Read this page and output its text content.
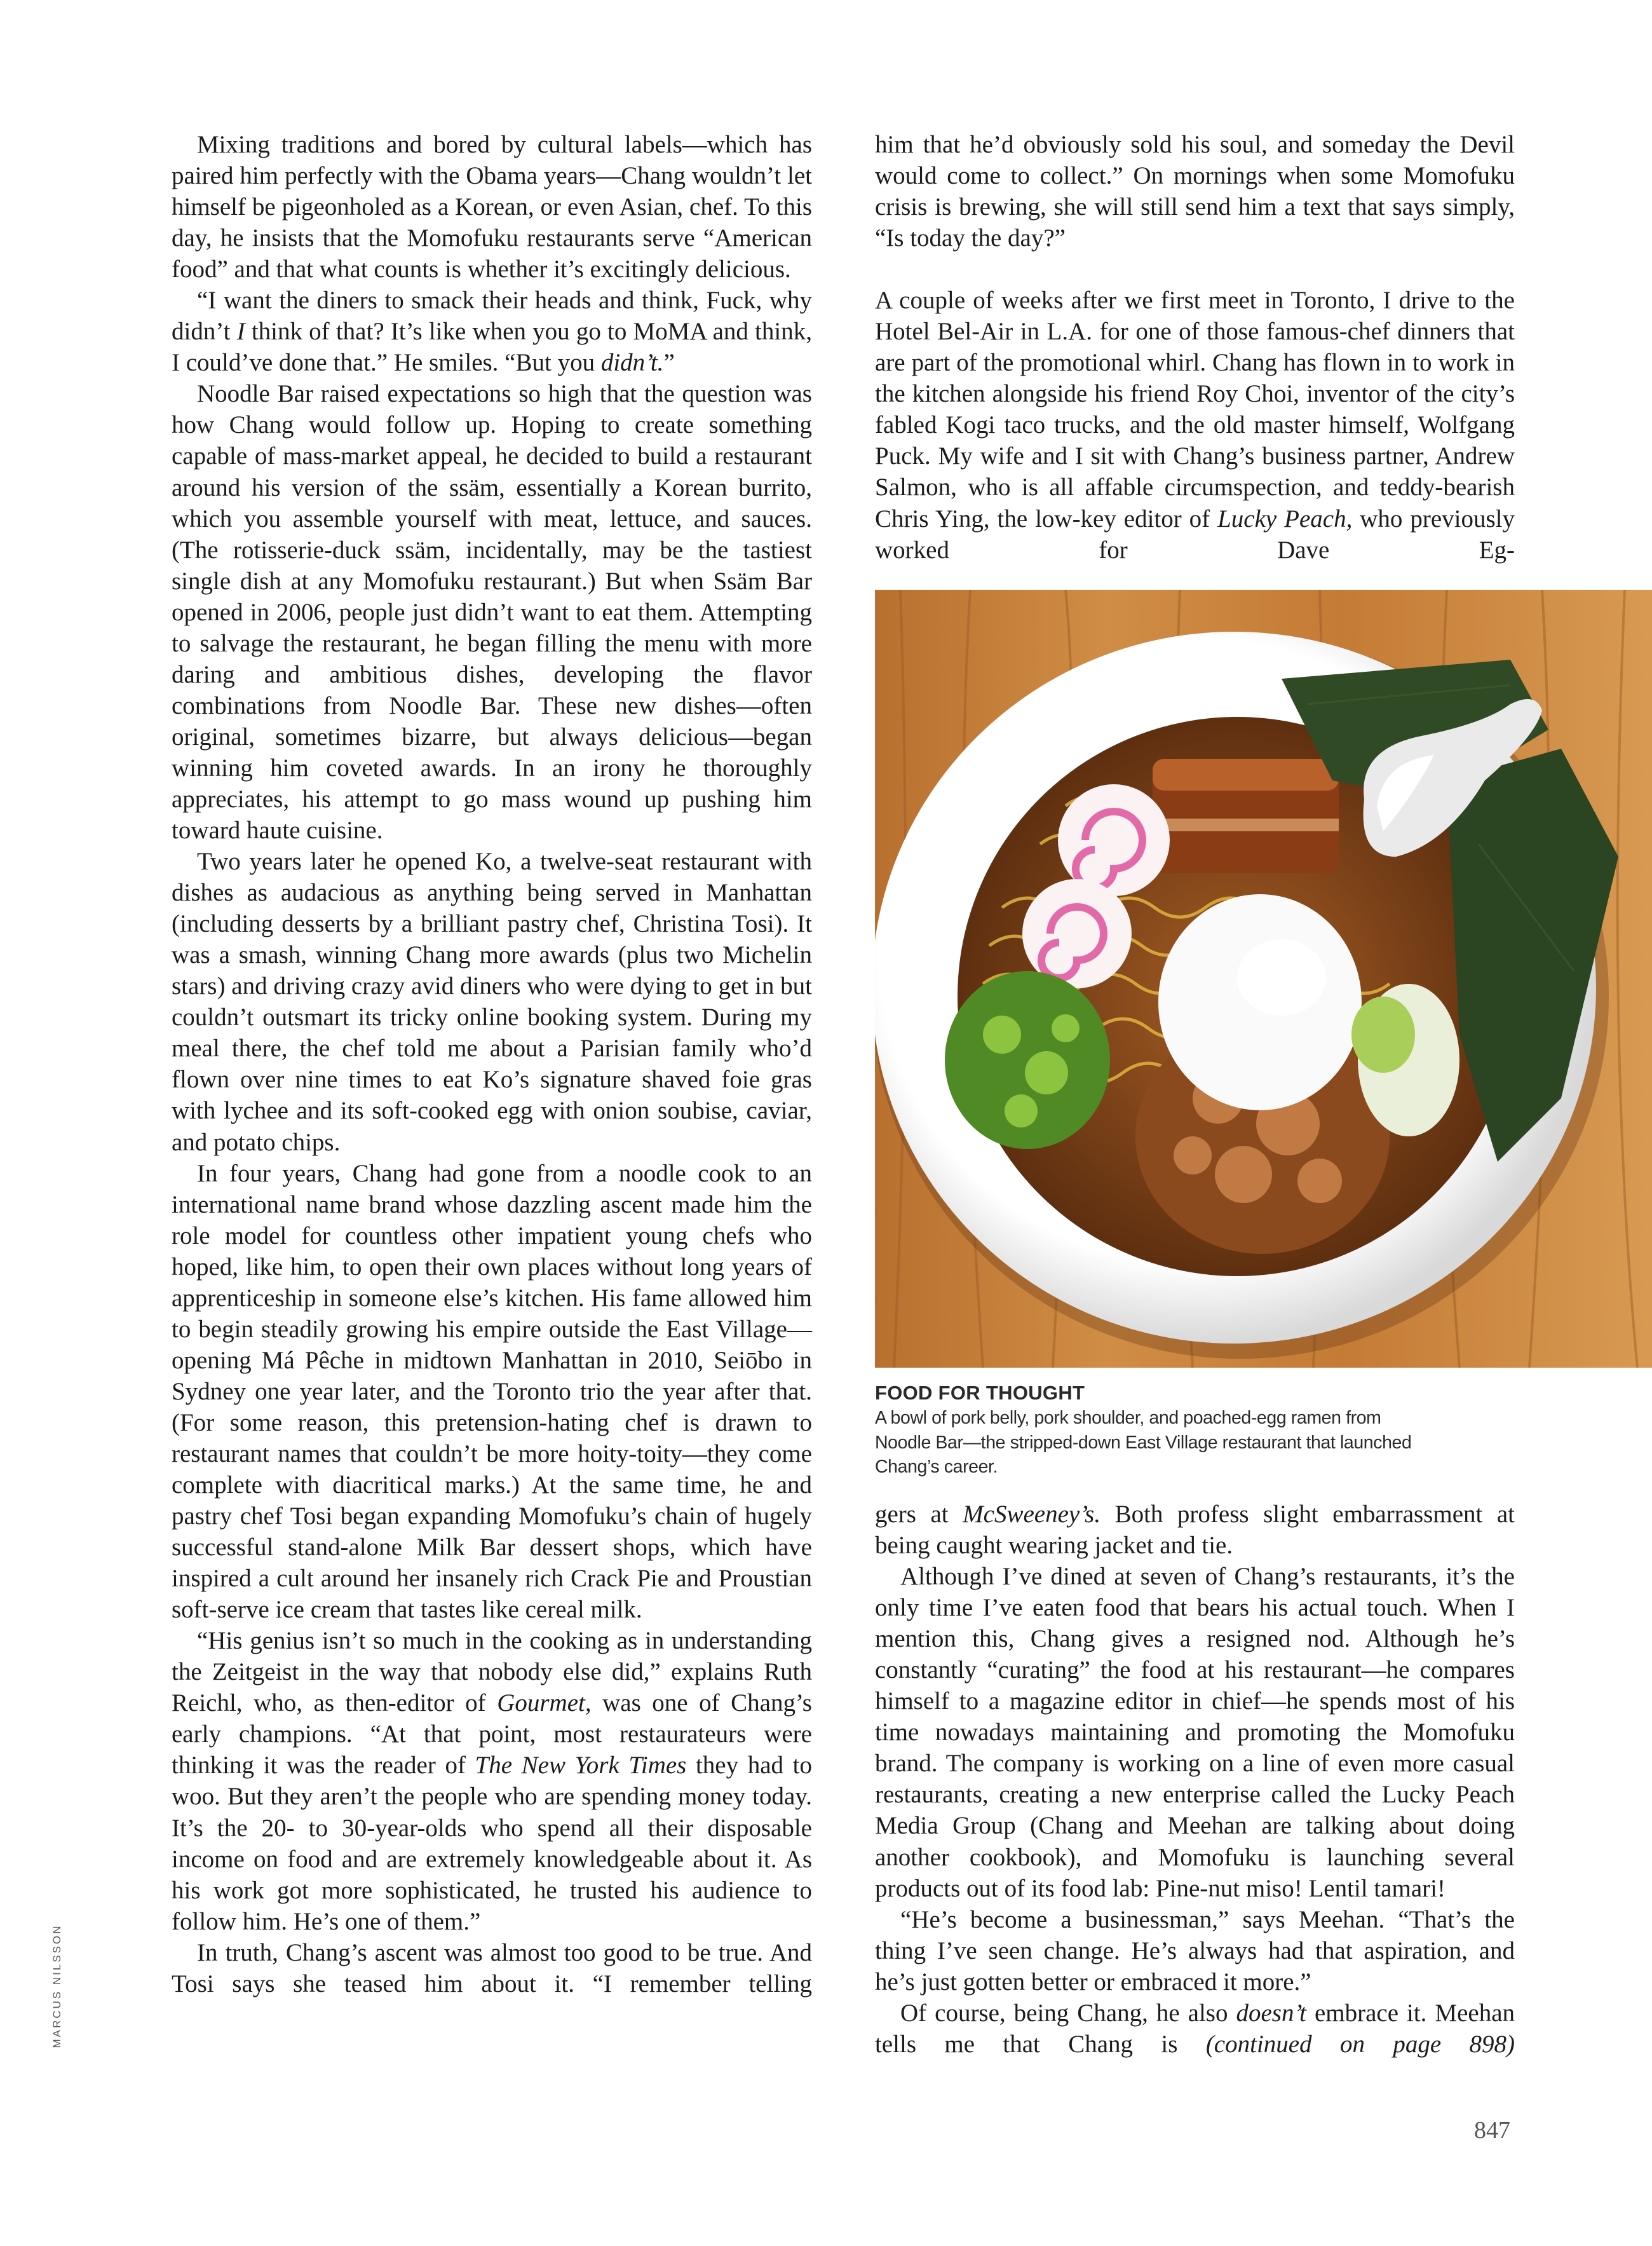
Mixing traditions and bored by cultural labels—which has paired him perfectly with the Obama years—Chang wouldn’t let himself be pigeonholed as a Korean, or even Asian, chef. To this day, he insists that the Momofuku restaurants serve “American food” and that what counts is whether it’s excitingly delicious.

“I want the diners to smack their heads and think, Fuck, why didn’t I think of that? It’s like when you go to MoMA and think, I could’ve done that.” He smiles. “But you didn’t.”

Noodle Bar raised expectations so high that the question was how Chang would follow up. Hoping to create something capable of mass-market appeal, he decided to build a restaurant around his version of the ssäm, essentially a Korean burrito, which you assemble yourself with meat, lettuce, and sauces. (The rotisserie-duck ssäm, incidentally, may be the tastiest single dish at any Momofuku restaurant.) But when Ssäm Bar opened in 2006, people just didn’t want to eat them. Attempting to salvage the restaurant, he began filling the menu with more daring and ambitious dishes, developing the flavor combinations from Noodle Bar. These new dishes—often original, sometimes bizarre, but always delicious—began winning him coveted awards. In an irony he thoroughly appreciates, his attempt to go mass wound up pushing him toward haute cuisine.

Two years later he opened Ko, a twelve-seat restaurant with dishes as audacious as anything being served in Manhattan (including desserts by a brilliant pastry chef, Christina Tosi). It was a smash, winning Chang more awards (plus two Michelin stars) and driving crazy avid diners who were dying to get in but couldn’t outsmart its tricky online booking system. During my meal there, the chef told me about a Parisian family who’d flown over nine times to eat Ko’s signature shaved foie gras with lychee and its soft-cooked egg with onion soubise, caviar, and potato chips.

In four years, Chang had gone from a noodle cook to an international name brand whose dazzling ascent made him the role model for countless other impatient young chefs who hoped, like him, to open their own places without long years of apprenticeship in someone else’s kitchen. His fame allowed him to begin steadily growing his empire outside the East Village—opening Má Pêche in midtown Manhattan in 2010, Seiōbo in Sydney one year later, and the Toronto trio the year after that. (For some reason, this pretension-hating chef is drawn to restaurant names that couldn’t be more hoity-toity—they come complete with diacritical marks.) At the same time, he and pastry chef Tosi began expanding Momofuku’s chain of hugely successful stand-alone Milk Bar dessert shops, which have inspired a cult around her insanely rich Crack Pie and Proustian soft-serve ice cream that tastes like cereal milk.

“His genius isn’t so much in the cooking as in understanding the Zeitgeist in the way that nobody else did,” explains Ruth Reichl, who, as then-editor of Gourmet, was one of Chang’s early champions. “At that point, most restaurateurs were thinking it was the reader of The New York Times they had to woo. But they aren’t the people who are spending money today. It’s the 20- to 30-year-olds who spend all their disposable income on food and are extremely knowledgeable about it. As his work got more sophisticated, he trusted his audience to follow him. He’s one of them.”

In truth, Chang’s ascent was almost too good to be true. And Tosi says she teased him about it. “I remember telling

him that he’d obviously sold his soul, and someday the Devil would come to collect.” On mornings when some Momofuku crisis is brewing, she will still send him a text that says simply, “Is today the day?”

A couple of weeks after we first meet in Toronto, I drive to the Hotel Bel-Air in L.A. for one of those famous-chef dinners that are part of the promotional whirl. Chang has flown in to work in the kitchen alongside his friend Roy Choi, inventor of the city’s fabled Kogi taco trucks, and the old master himself, Wolfgang Puck. My wife and I sit with Chang’s business partner, Andrew Salmon, who is all affable circumspection, and teddy-bearish Chris Ying, the low-key editor of Lucky Peach, who previously worked for Dave Eg-

FOOD FOR THOUGHT
A bowl of pork belly, pork shoulder, and poached-egg ramen from Noodle Bar—the stripped-down East Village restaurant that launched Chang’s career.

gers at McSweeney’s. Both profess slight embarrassment at being caught wearing jacket and tie.

Although I’ve dined at seven of Chang’s restaurants, it’s the only time I’ve eaten food that bears his actual touch. When I mention this, Chang gives a resigned nod. Although he’s constantly “curating” the food at his restaurant—he compares himself to a magazine editor in chief—he spends most of his time nowadays maintaining and promoting the Momofuku brand. The company is working on a line of even more casual restaurants, creating a new enterprise called the Lucky Peach Media Group (Chang and Meehan are talking about doing another cookbook), and Momofuku is launching several products out of its food lab: Pine-nut miso! Lentil tamari!

“He’s become a businessman,” says Meehan. “That’s the thing I’ve seen change. He’s always had that aspiration, and he’s just gotten better or embraced it more.”

Of course, being Chang, he also doesn’t embrace it. Meehan tells me that Chang is (continued on page 898)

MARCUS NILSSON
847
